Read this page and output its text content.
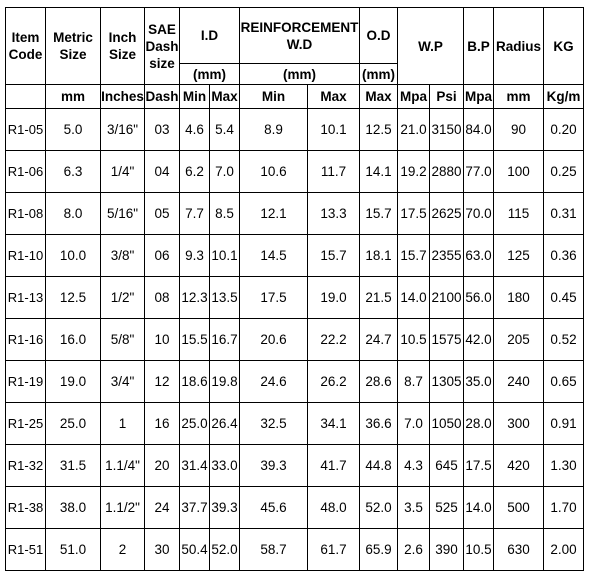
Item Code	Metric Size	Inch Size	SAE Dash size	I.D		REINFORCEMENT W.D		O.D	W.P		B.P	Radius	KG
				(mm)		(mm)		(mm)					
	mm	Inches	Dash	Min	Max	Min	Max	Max	Mpa	Psi	Mpa	mm	Kg/m
R1-05	5.0	3/16"	03	4.6	5.4	8.9	10.1	12.5	21.0	3150	84.0	90	0.20
R1-06	6.3	1/4"	04	6.2	7.0	10.6	11.7	14.1	19.2	2880	77.0	100	0.25
R1-08	8.0	5/16"	05	7.7	8.5	12.1	13.3	15.7	17.5	2625	70.0	115	0.31
R1-10	10.0	3/8"	06	9.3	10.1	14.5	15.7	18.1	15.7	2355	63.0	125	0.36
R1-13	12.5	1/2"	08	12.3	13.5	17.5	19.0	21.5	14.0	2100	56.0	180	0.45
R1-16	16.0	5/8"	10	15.5	16.7	20.6	22.2	24.7	10.5	1575	42.0	205	0.52
R1-19	19.0	3/4"	12	18.6	19.8	24.6	26.2	28.6	8.7	1305	35.0	240	0.65
R1-25	25.0	1	16	25.0	26.4	32.5	34.1	36.6	7.0	1050	28.0	300	0.91
R1-32	31.5	1.1/4"	20	31.4	33.0	39.3	41.7	44.8	4.3	645	17.5	420	1.30
R1-38	38.0	1.1/2"	24	37.7	39.3	45.6	48.0	52.0	3.5	525	14.0	500	1.70
R1-51	51.0	2	30	50.4	52.0	58.7	61.7	65.9	2.6	390	10.5	630	2.00
